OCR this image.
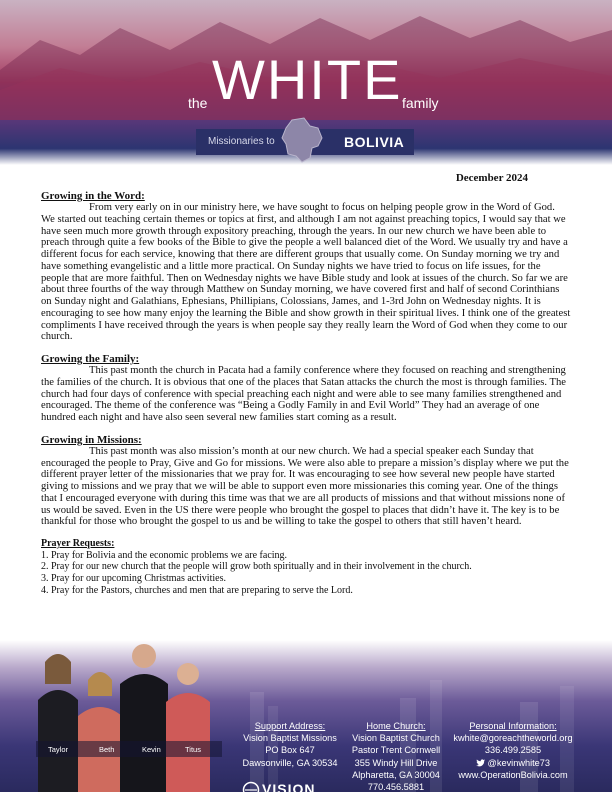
the WHITE family
Missionaries to	BOLIVIA
December 2024
Growing in the Word:

From very early on in our ministry here, we have sought to focus on helping people grow in the Word of God. We started out teaching certain themes or topics at first, and although I am not against preaching topics, I would say that we have seen much more growth through expository preaching, through the years. In our new church we have been able to preach through quite a few books of the Bible to give the people a well balanced diet of the Word. We usually try and have a different focus for each service, knowing that there are different groups that usually come. On Sunday morning we try and have something evangelistic and a little more practical. On Sunday nights we have tried to focus on life issues, for the people that are more faithful. Then on Wednesday nights we have Bible study and look at issues of the church. So far we are about three fourths of the way through Matthew on Sunday morning, we have covered first and half of second Corinthians on Sunday night and Galathians, Ephesians, Phillipians, Colossians, James, and 1-3rd John on Wednesday nights. It is encouraging to see how many enjoy the learning the Bible and show growth in their spiritual lives. I think one of the greatest compliments I have received through the years is when people say they really learn the Word of God when they come to our church.

Growing the Family:

This past month the church in Pacata had a family conference where they focused on reaching and strengthening the families of the church. It is obvious that one of the places that Satan attacks the church the most is through families. The church had four days of conference with special preaching each night and were able to see many families strengthened and encouraged. The theme of the conference was “Being a Godly Family in and Evil World” They had an average of one hundred each night and have also seen several new families start coming as a result.

Growing in Missions:

This past month was also mission’s month at our new church. We had a special speaker each Sunday that encouraged the people to Pray, Give and Go for missions. We were also able to prepare a mission’s display where we put the different prayer letter of the missionaries that we pray for. It was encouraging to see how several new people have started giving to missions and we pray that we will be able to support even more missionaries this coming year. One of the things that I encouraged everyone with during this time was that we are all products of missions and that without missions none of us would be saved. Even in the US there were people who brought the gospel to places that didn’t have it. The key is to be thankful for those who brought the gospel to us and be willing to take the gospel to others that still haven’t heard.

Prayer Requests:
1. Pray for Bolivia and the economic problems we are facing.
2. Pray for our new church that the people will grow both spiritually and in their involvement in the church.
3. Pray for our upcoming Christmas activities.
4. Pray for the Pastors, churches and men that are preparing to serve the Lord.
Taylor	Beth	Kevin	Titus
Support Address:
Vision Baptist Missions
PO Box 647
Dawsonville, GA 30534
Home Church:
Vision Baptist Church
Pastor Trent Cornwell
355 Windy Hill Drive
Alpharetta, GA 30004
770.456.5881
Personal Information:
kwhite@goreachtheworld.org
336.499.2585
@kevinwhite73
www.OperationBolivia.com
VISION
BAPTIST CHURCH
